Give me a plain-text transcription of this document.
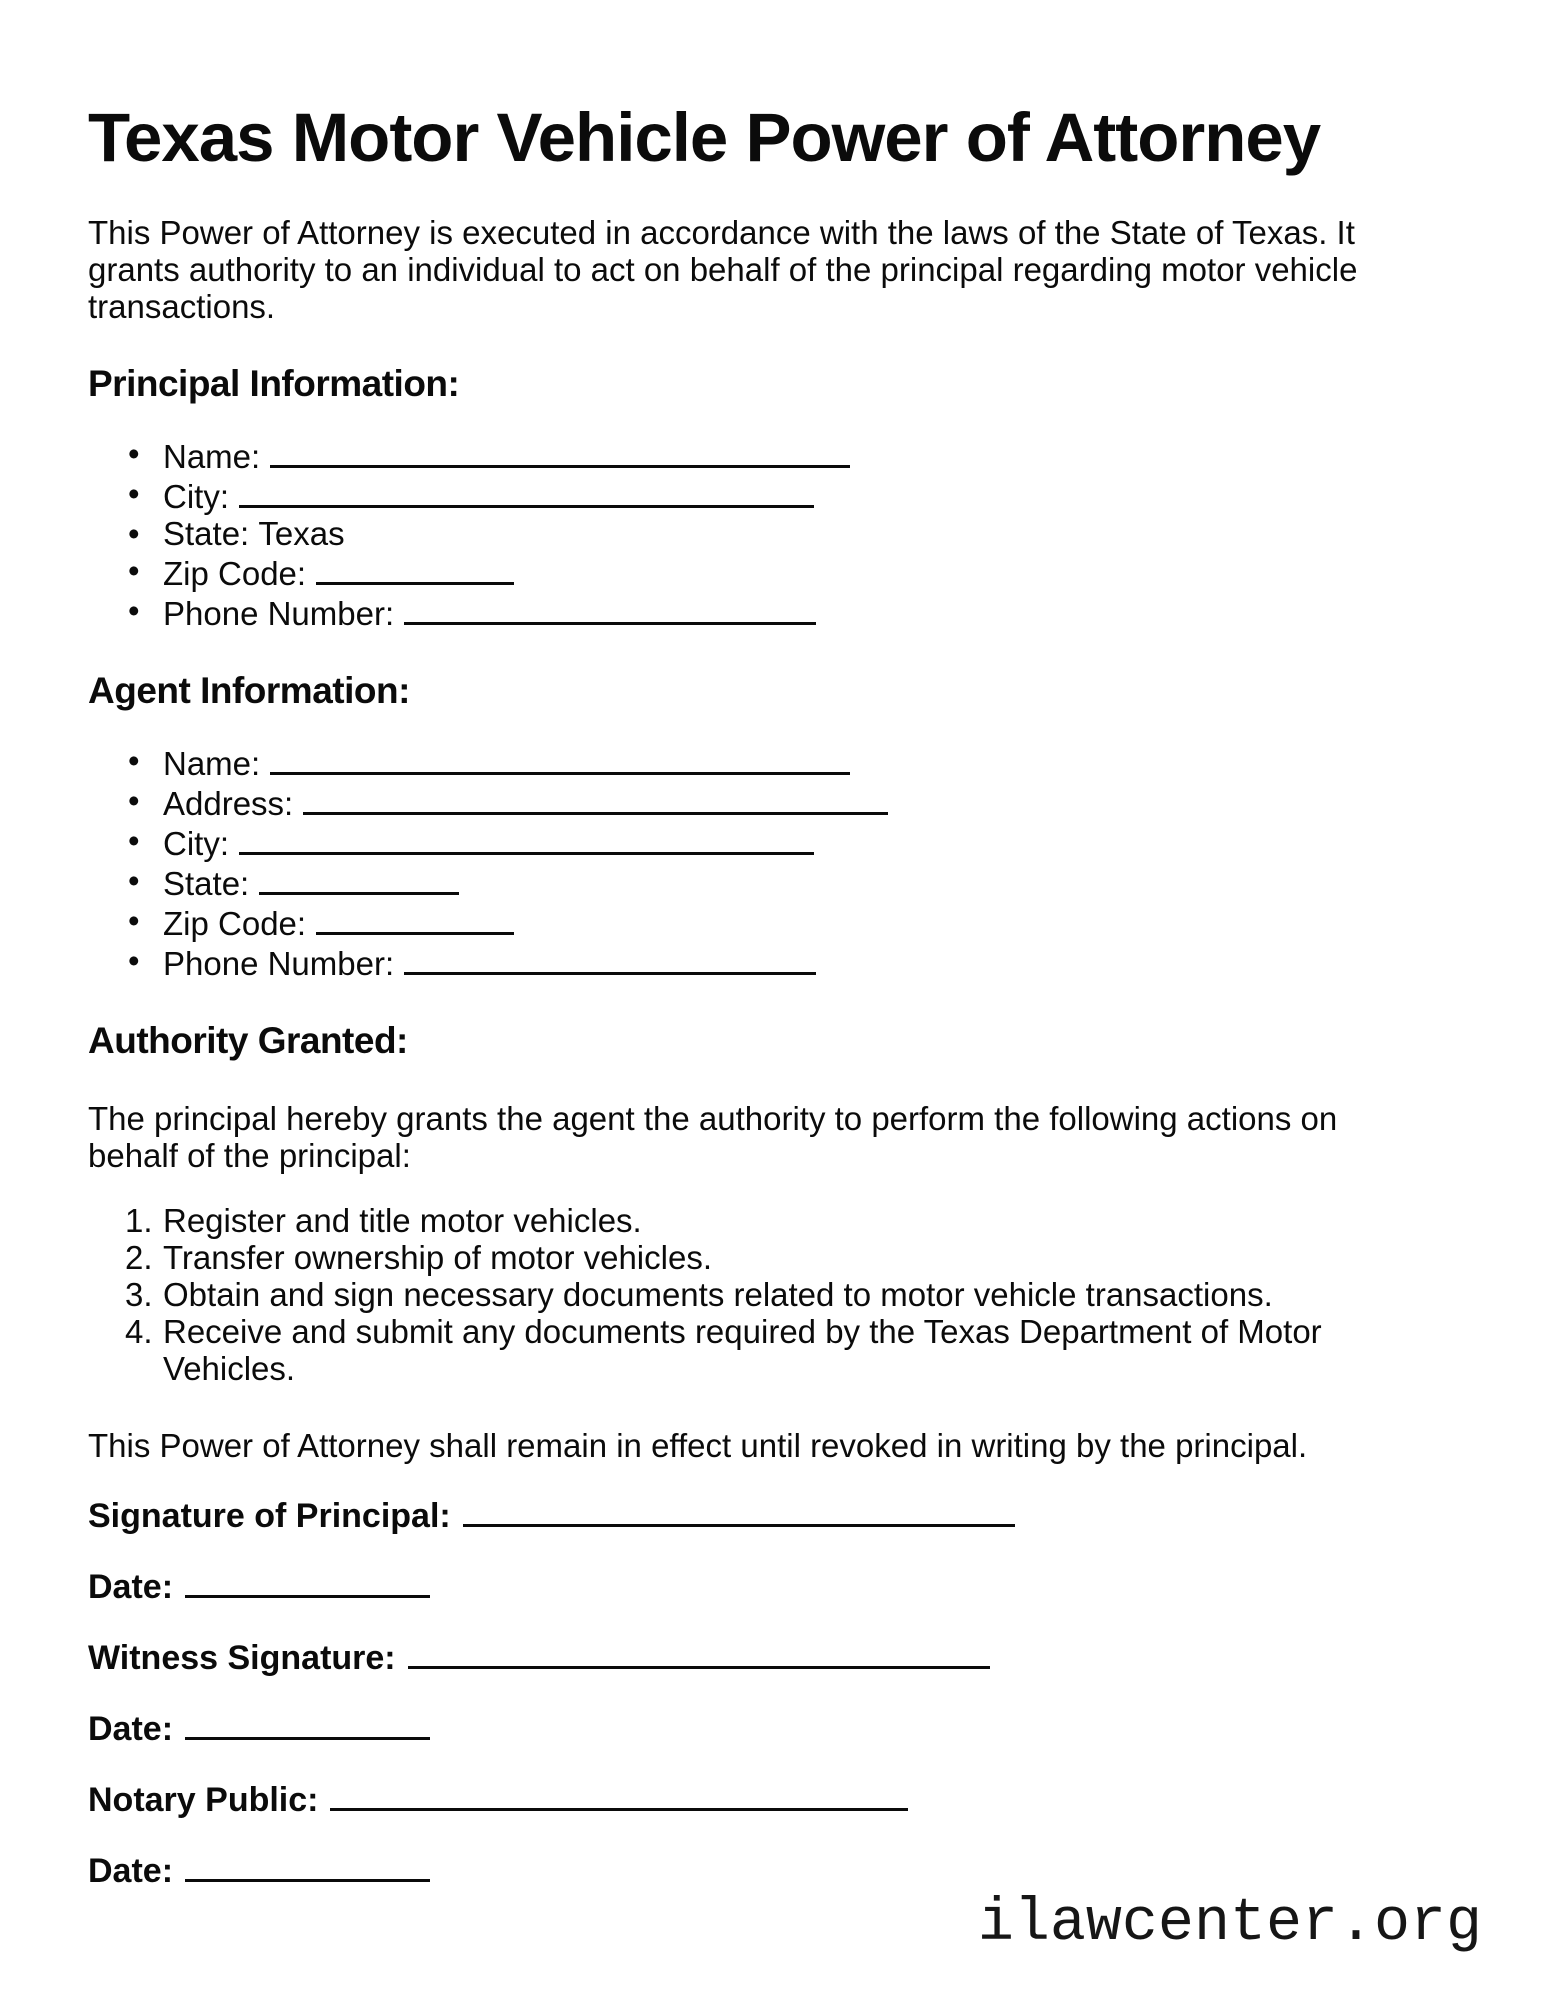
Texas Motor Vehicle Power of Attorney
This Power of Attorney is executed in accordance with the laws of the State of Texas. It
grants authority to an individual to act on behalf of the principal regarding motor vehicle
transactions.
Principal Information:
• Name:
• City:
• State: Texas
• Zip Code:
• Phone Number:
Agent Information:
• Name:
• Address:
• City:
• State:
• Zip Code:
• Phone Number:
Authority Granted:
The principal hereby grants the agent the authority to perform the following actions on
behalf of the principal:
1. Register and title motor vehicles.
2. Transfer ownership of motor vehicles.
3. Obtain and sign necessary documents related to motor vehicle transactions.
4. Receive and submit any documents required by the Texas Department of Motor
Vehicles.
This Power of Attorney shall remain in effect until revoked in writing by the principal.
Signature of Principal:
Date:
Witness Signature:
Date:
Notary Public:
Date:
ilawcenter.org
